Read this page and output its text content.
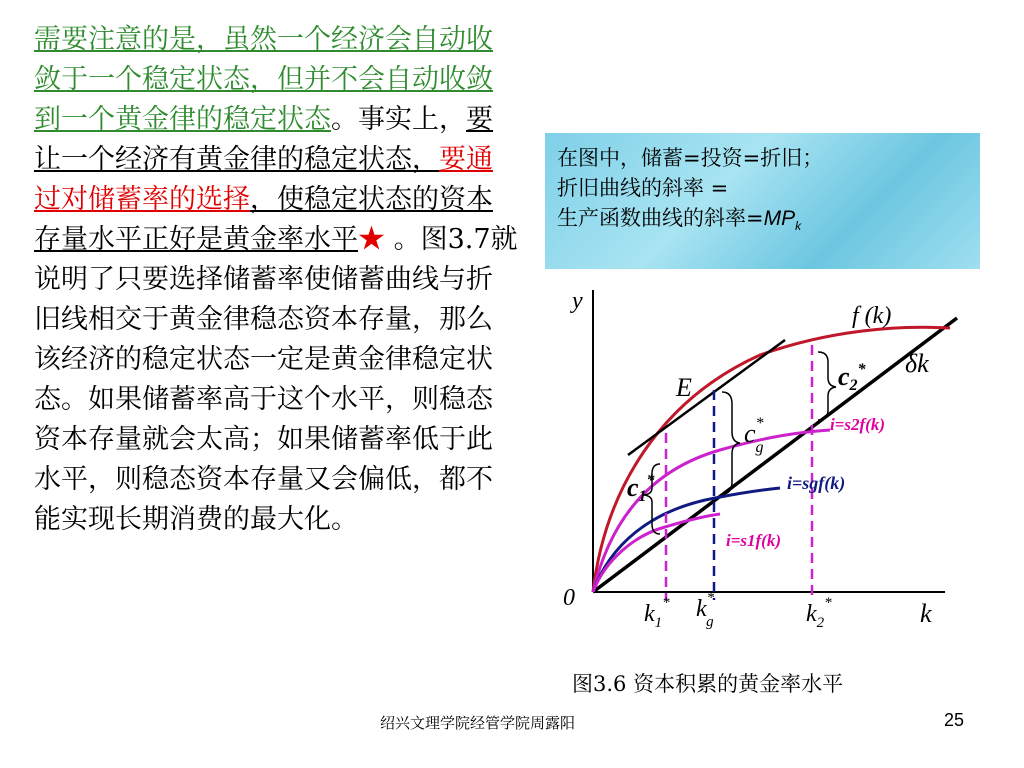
需要注意的是，虽然一个经济会自动收敛于一个稳定状态，但并不会自动收敛到一个黄金律的稳定状态。事实上，要让一个经济有黄金律的稳定状态，要通过对储蓄率的选择，使稳定状态的资本存量水平正好是黄金率水平★ 。图3.7就说明了只要选择储蓄率使储蓄曲线与折旧线相交于黄金律稳态资本存量，那么该经济的稳定状态一定是黄金律稳定状态。如果储蓄率高于这个水平，则稳态资本存量就会太高；如果储蓄率低于此水平，则稳态资本存量又会偏低，都不能实现长期消费的最大化。
在图中，储蓄=投资=折旧；
折旧曲线的斜率 =
生产函数曲线的斜率$=MP_k$
y
k
0
f (k)
δk
E	c2*
c* g
c1*
i=s2f(k)
i=sgf(k)
i=s1f(k)
$k_1^*$ k* g	$k_2^*$
图3.6 资本积累的黄金率水平
绍兴文理学院经管学院周露阳	25
